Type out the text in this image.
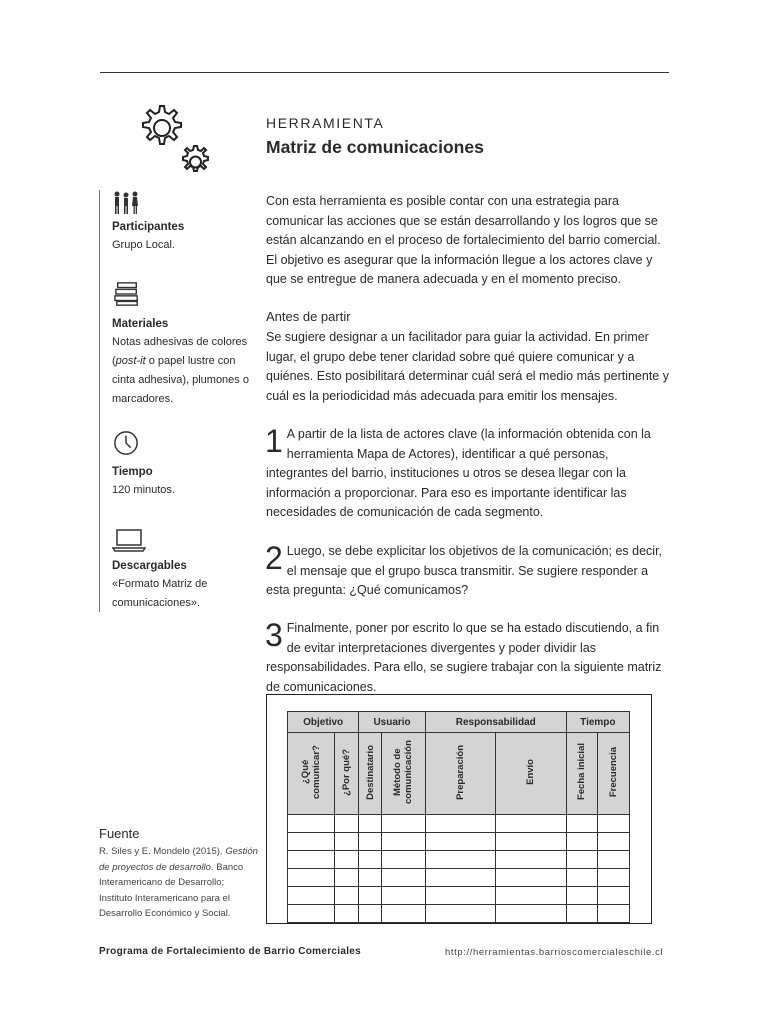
HERRAMIENTA
Matriz de comunicaciones
Participantes
Grupo Local.
Materiales
Notas adhesivas de colores (post-it o papel lustre con cinta adhesiva), plumones o marcadores.
Tiempo
120 minutos.
Descargables
«Formato Matriz de comunicaciones».
Con esta herramienta es posible contar con una estrategia para comunicar las acciones que se están desarrollando y los logros que se están alcanzando en el proceso de fortalecimiento del barrio comercial. El objetivo es asegurar que la información llegue a los actores clave y que se entregue de manera adecuada y en el momento preciso.
Antes de partir
Se sugiere designar a un facilitador para guiar la actividad. En primer lugar, el grupo debe tener claridad sobre qué quiere comunicar y a quiénes. Esto posibilitará determinar cuál será el medio más pertinente y cuál es la periodicidad más adecuada para emitir los mensajes.
1 A partir de la lista de actores clave (la información obtenida con la herramienta Mapa de Actores), identificar a qué personas, integrantes del barrio, instituciones u otros se desea llegar con la información a proporcionar. Para eso es importante identificar las necesidades de comunicación de cada segmento.
2 Luego, se debe explicitar los objetivos de la comunicación; es decir, el mensaje que el grupo busca transmitir. Se sugiere responder a esta pregunta: ¿Qué comunicamos?
3 Finalmente, poner por escrito lo que se ha estado discutiendo, a fin de evitar interpretaciones divergentes y poder dividir las responsabilidades. Para ello, se sugiere trabajar con la siguiente matriz de comunicaciones.
Objetivo		Usuario		Responsabilidad		Tiempo	
¿Qué comunicar?	¿Por qué?	Destinatario	Método de comunicación	Preparación	Envío	Fecha inicial	Frecuencia

Fuente
R. Siles y E. Mondelo (2015). Gestión de proyectos de desarrollo. Banco Interamericano de Desarrollo; Instituto Interamericano para el Desarrollo Económico y Social.
Programa de Fortalecimiento de Barrio Comerciales	http://herramientas.barrioscomercialeschile.cl
